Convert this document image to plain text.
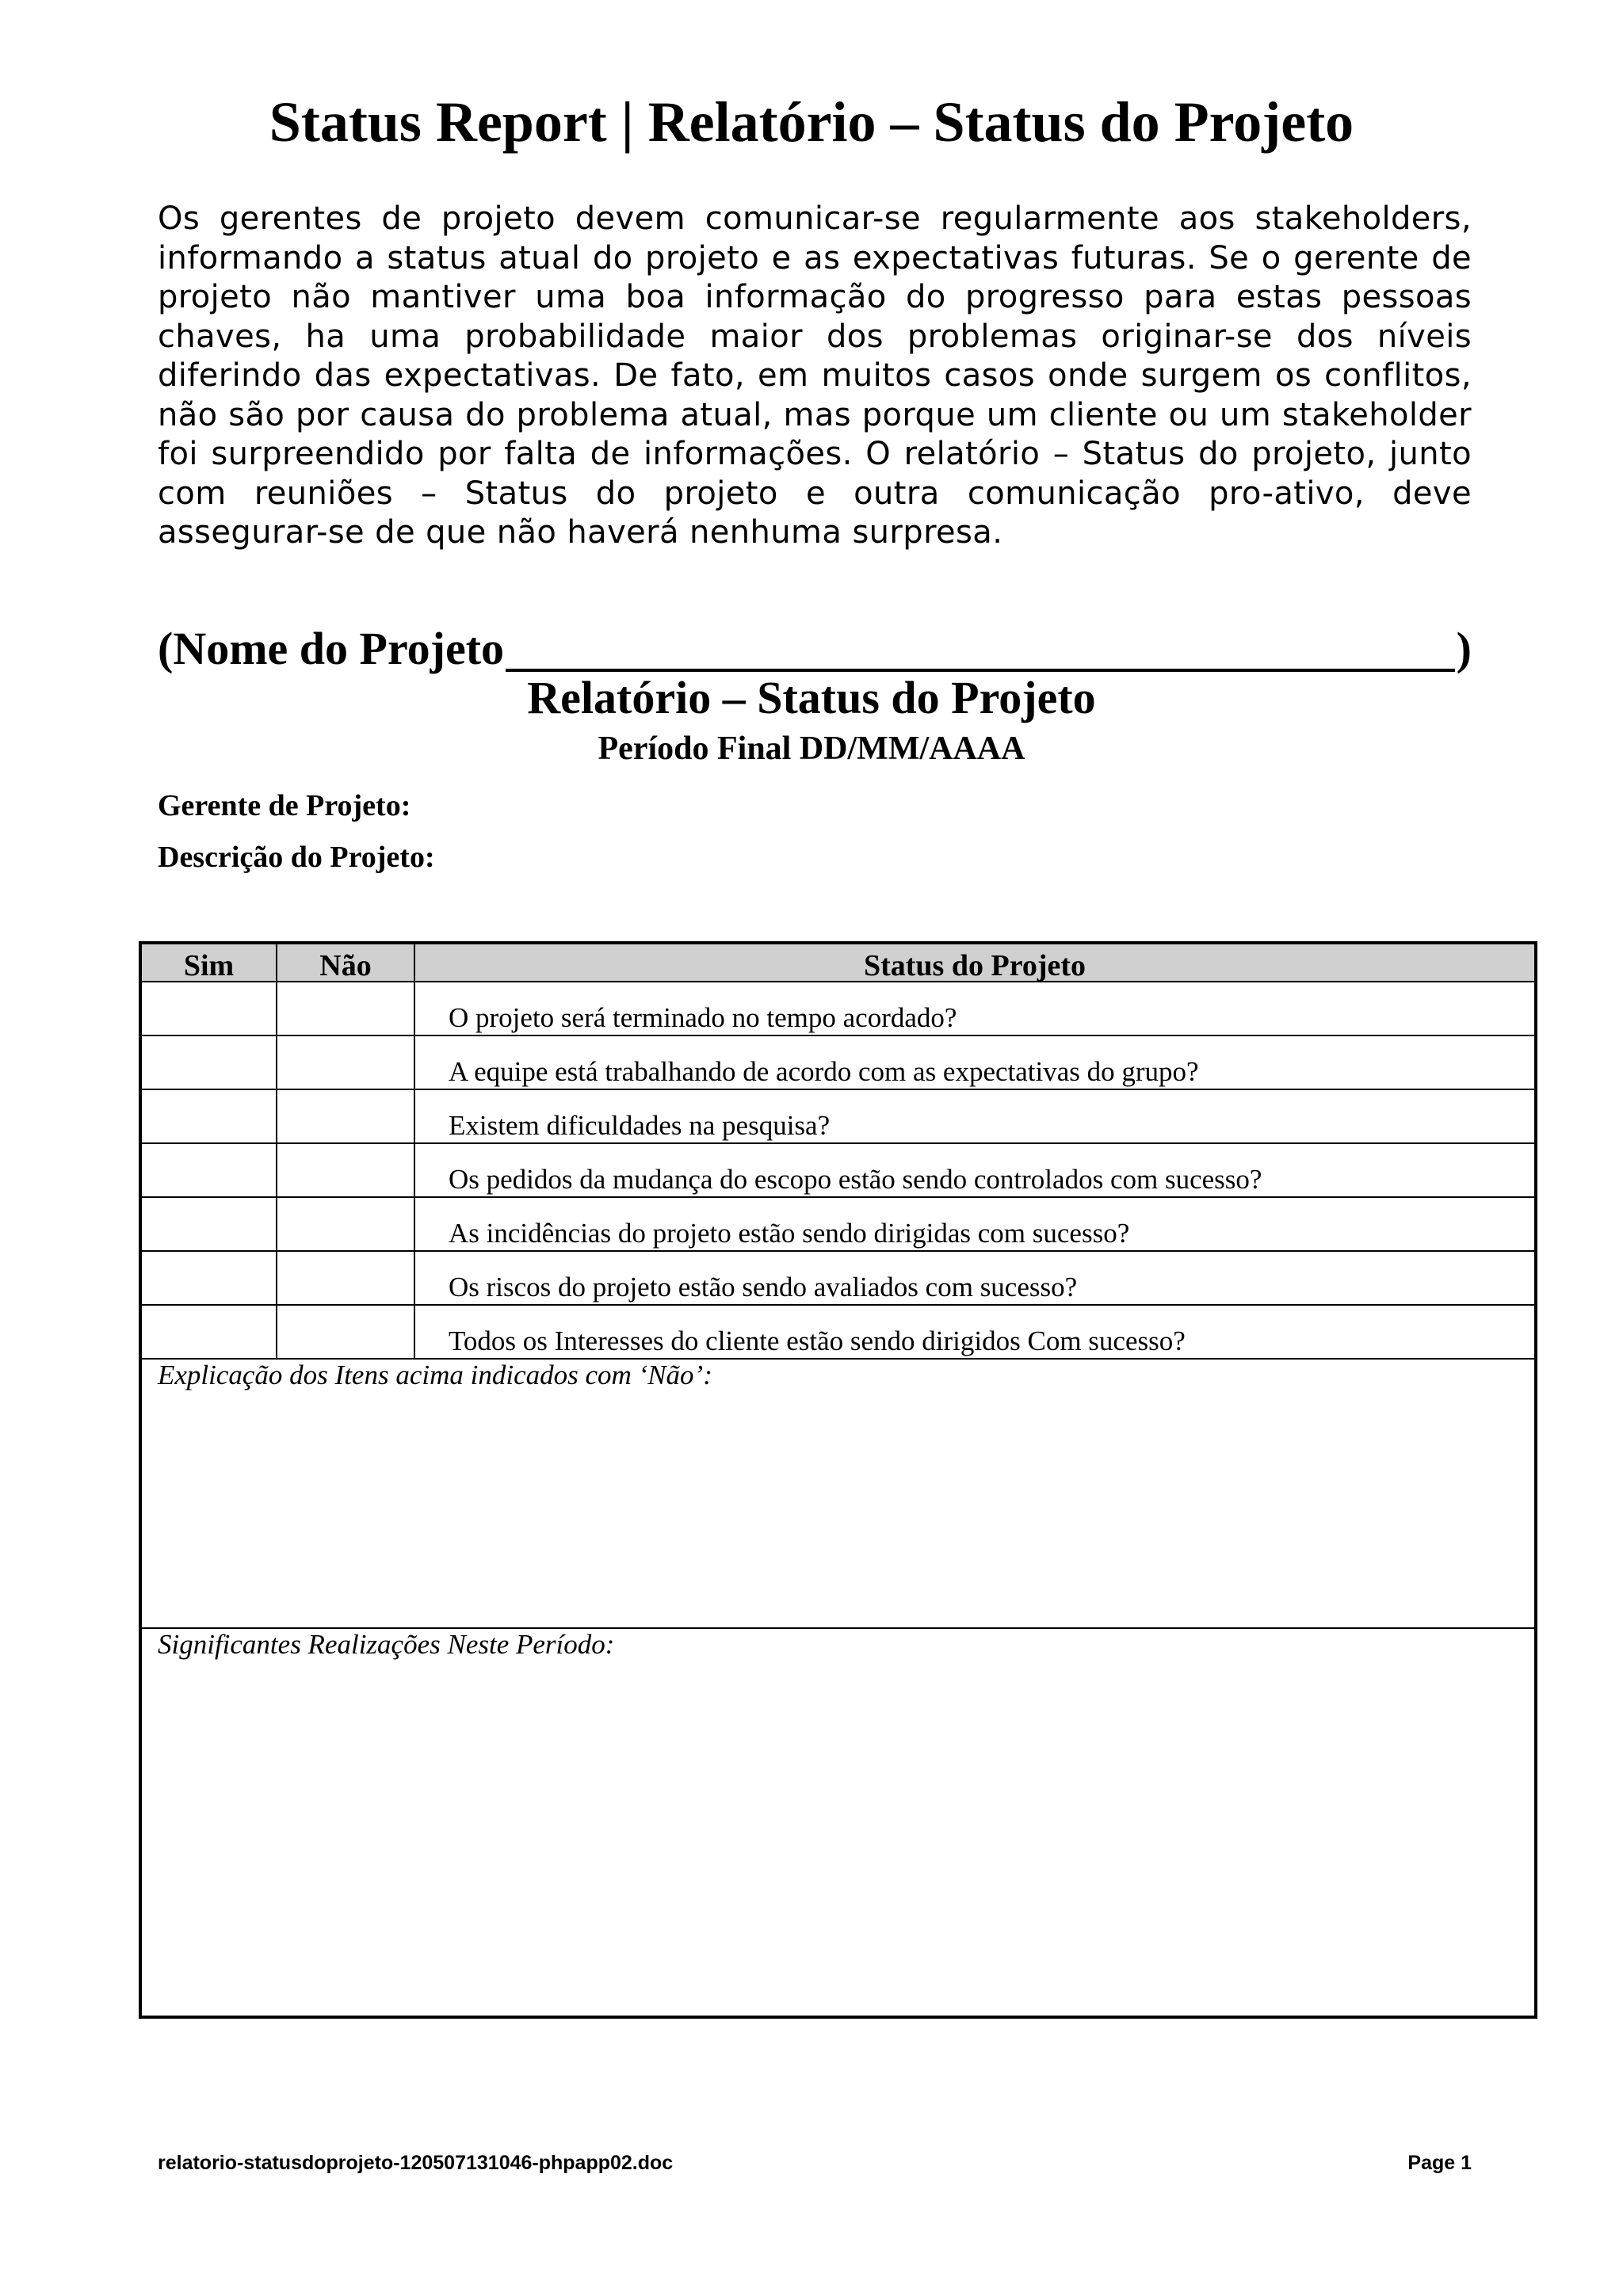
Status Report | Relatório – Status do Projeto

Os gerentes de projeto devem comunicar-se regularmente aos stakeholders, informando a status atual do projeto e as expectativas futuras. Se o gerente de projeto não mantiver uma boa informação do progresso para estas pessoas chaves, ha uma probabilidade maior dos problemas originar-se dos níveis diferindo das expectativas. De fato, em muitos casos onde surgem os conflitos, não são por causa do problema atual, mas porque um cliente ou um stakeholder foi surpreendido por falta de informações. O relatório – Status do projeto, junto com reuniões – Status do projeto e outra comunicação pro-ativo, deve assegurar-se de que não haverá nenhuma surpresa.

(Nome do Projeto	)
Relatório – Status do Projeto
Período Final DD/MM/AAAA
Gerente de Projeto:
Descrição do Projeto:
Sim	Não	Status do Projeto
		O projeto será terminado no tempo acordado?
		A equipe está trabalhando de acordo com as expectativas do grupo?
		Existem dificuldades na pesquisa?
		Os pedidos da mudança do escopo estão sendo controlados com sucesso?
		As incidências do projeto estão sendo dirigidas com sucesso?
		Os riscos do projeto estão sendo avaliados com sucesso?
		Todos os Interesses do cliente estão sendo dirigidos Com sucesso?
Explicação dos Itens acima indicados com ‘Não’:		
Significantes Realizações Neste Período:		
relatorio-statusdoprojeto-120507131046-phpapp02.doc	Page 1
